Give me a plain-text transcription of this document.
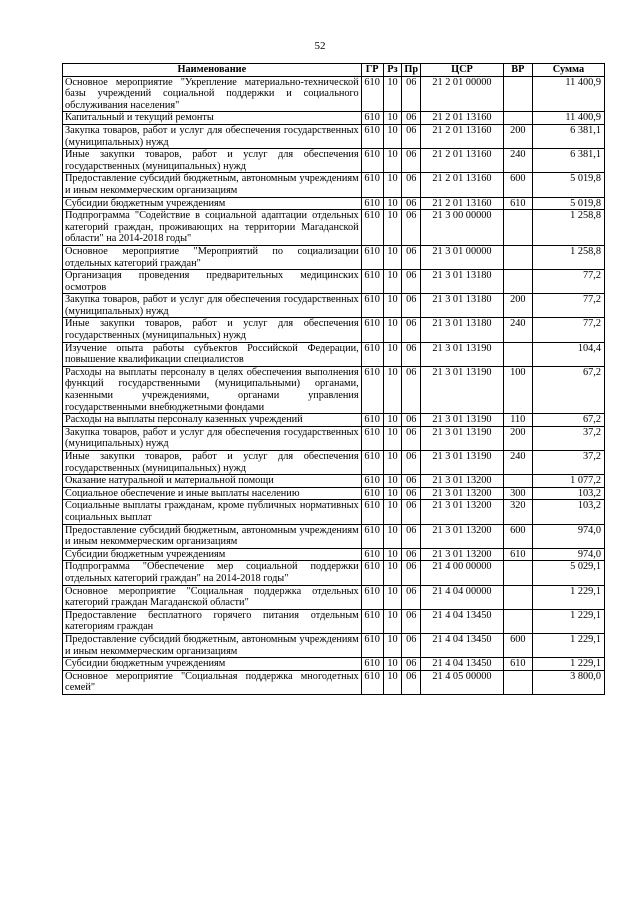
52
Наименование	ГР	Рз	Пр	ЦСР	ВР	Сумма
Основное мероприятие "Укрепление материально-технической базы учреждений социальной поддержки и социального обслуживания населения"	610	10	06	21 2 01 00000		11 400,9
Капитальный и текущий ремонты	610	10	06	21 2 01 13160		11 400,9
Закупка товаров, работ и услуг для обеспечения государственных (муниципальных) нужд	610	10	06	21 2 01 13160	200	6 381,1
Иные закупки товаров, работ и услуг для обеспечения государственных (муниципальных) нужд	610	10	06	21 2 01 13160	240	6 381,1
Предоставление субсидий бюджетным, автономным учреждениям и иным некоммерческим организациям	610	10	06	21 2 01 13160	600	5 019,8
Субсидии бюджетным учреждениям	610	10	06	21 2 01 13160	610	5 019,8
Подпрограмма "Содействие в социальной адаптации отдельных категорий граждан, проживающих на территории Магаданской области" на 2014-2018 годы"	610	10	06	21 3 00 00000		1 258,8
Основное мероприятие "Мероприятий по социализации отдельных категорий граждан"	610	10	06	21 3 01 00000		1 258,8
Организация проведения предварительных медицинских осмотров	610	10	06	21 3 01 13180		77,2
Закупка товаров, работ и услуг для обеспечения государственных (муниципальных) нужд	610	10	06	21 3 01 13180	200	77,2
Иные закупки товаров, работ и услуг для обеспечения государственных (муниципальных) нужд	610	10	06	21 3 01 13180	240	77,2
Изучение опыта работы субъектов Российской Федерации, повышение квалификации специалистов	610	10	06	21 3 01 13190		104,4
Расходы на выплаты персоналу в целях обеспечения выполнения функций государственными (муниципальными) органами, казенными учреждениями, органами управления государственными внебюджетными фондами	610	10	06	21 3 01 13190	100	67,2
Расходы на выплаты персоналу казенных учреждений	610	10	06	21 3 01 13190	110	67,2
Закупка товаров, работ и услуг для обеспечения государственных (муниципальных) нужд	610	10	06	21 3 01 13190	200	37,2
Иные закупки товаров, работ и услуг для обеспечения государственных (муниципальных) нужд	610	10	06	21 3 01 13190	240	37,2
Оказание натуральной и материальной помощи	610	10	06	21 3 01 13200		1 077,2
Социальное обеспечение и иные выплаты населению	610	10	06	21 3 01 13200	300	103,2
Социальные выплаты гражданам, кроме публичных нормативных социальных выплат	610	10	06	21 3 01 13200	320	103,2
Предоставление субсидий бюджетным, автономным учреждениям и иным некоммерческим организациям	610	10	06	21 3 01 13200	600	974,0
Субсидии бюджетным учреждениям	610	10	06	21 3 01 13200	610	974,0
Подпрограмма "Обеспечение мер социальной поддержки отдельных категорий граждан" на 2014-2018 годы"	610	10	06	21 4 00 00000		5 029,1
Основное мероприятие "Социальная поддержка отдельных категорий граждан Магаданской области"	610	10	06	21 4 04 00000		1 229,1
Предоставление бесплатного горячего питания отдельным категориям граждан	610	10	06	21 4 04 13450		1 229,1
Предоставление субсидий бюджетным, автономным учреждениям и иным некоммерческим организациям	610	10	06	21 4 04 13450	600	1 229,1
Субсидии бюджетным учреждениям	610	10	06	21 4 04 13450	610	1 229,1
Основное мероприятие "Социальная поддержка многодетных семей"	610	10	06	21 4 05 00000		3 800,0
